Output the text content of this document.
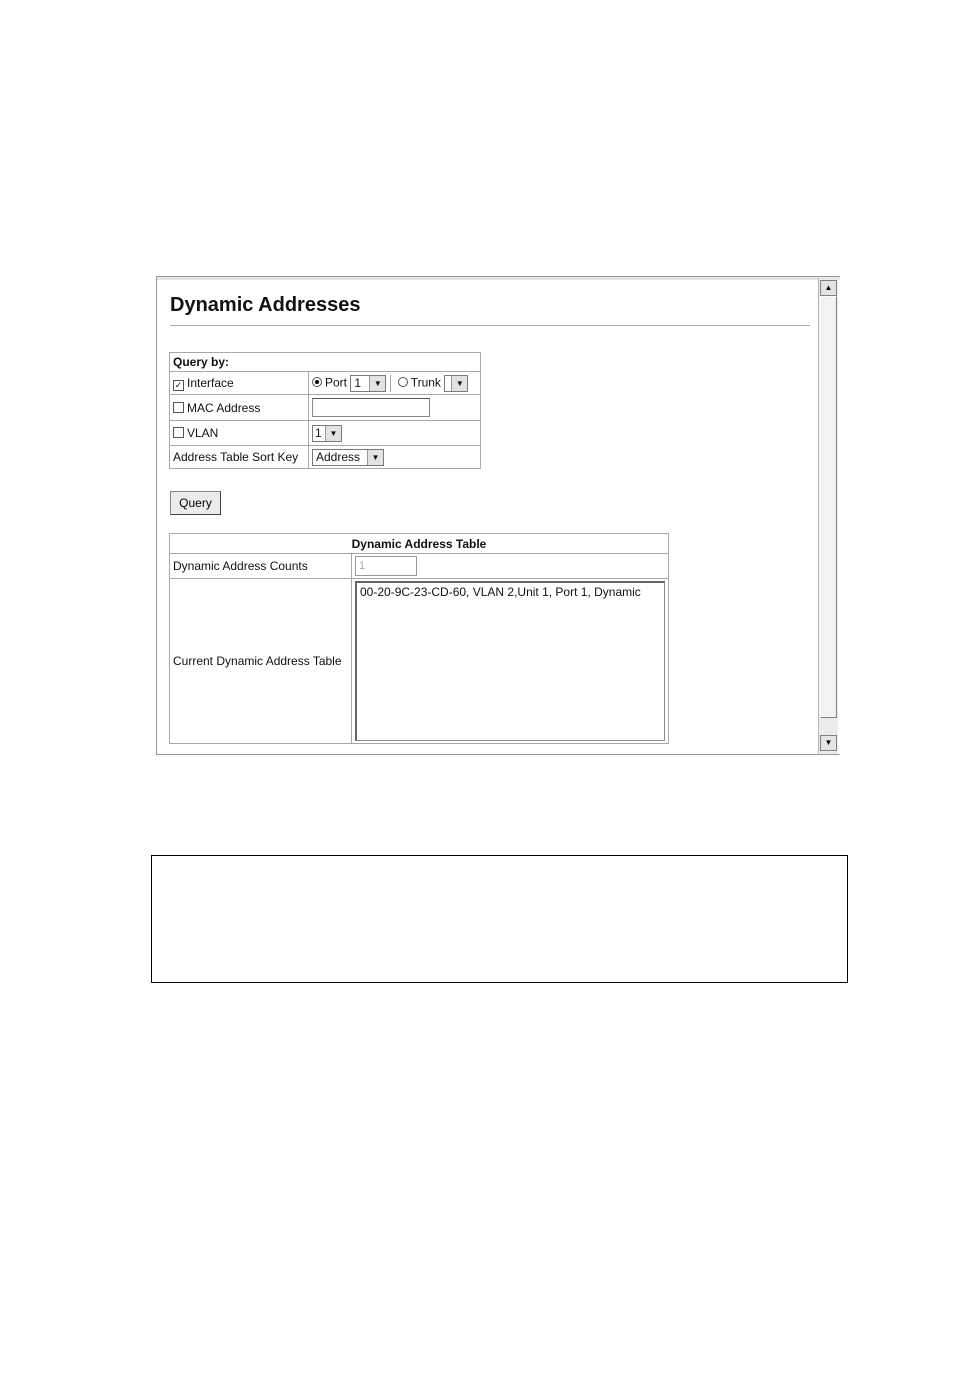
▲
▼
Dynamic Addresses
Query by:	
✓ Interface	Port 1 ▼ Trunk ▼

MAC Address	
VLAN	1 ▼

Address Table Sort Key	Address ▼
Query
Dynamic Address Table	
Dynamic Address Counts	1
Current Dynamic Address Table	00-20-9C-23-CD-60, VLAN 2,Unit 1, Port 1, Dynamic
